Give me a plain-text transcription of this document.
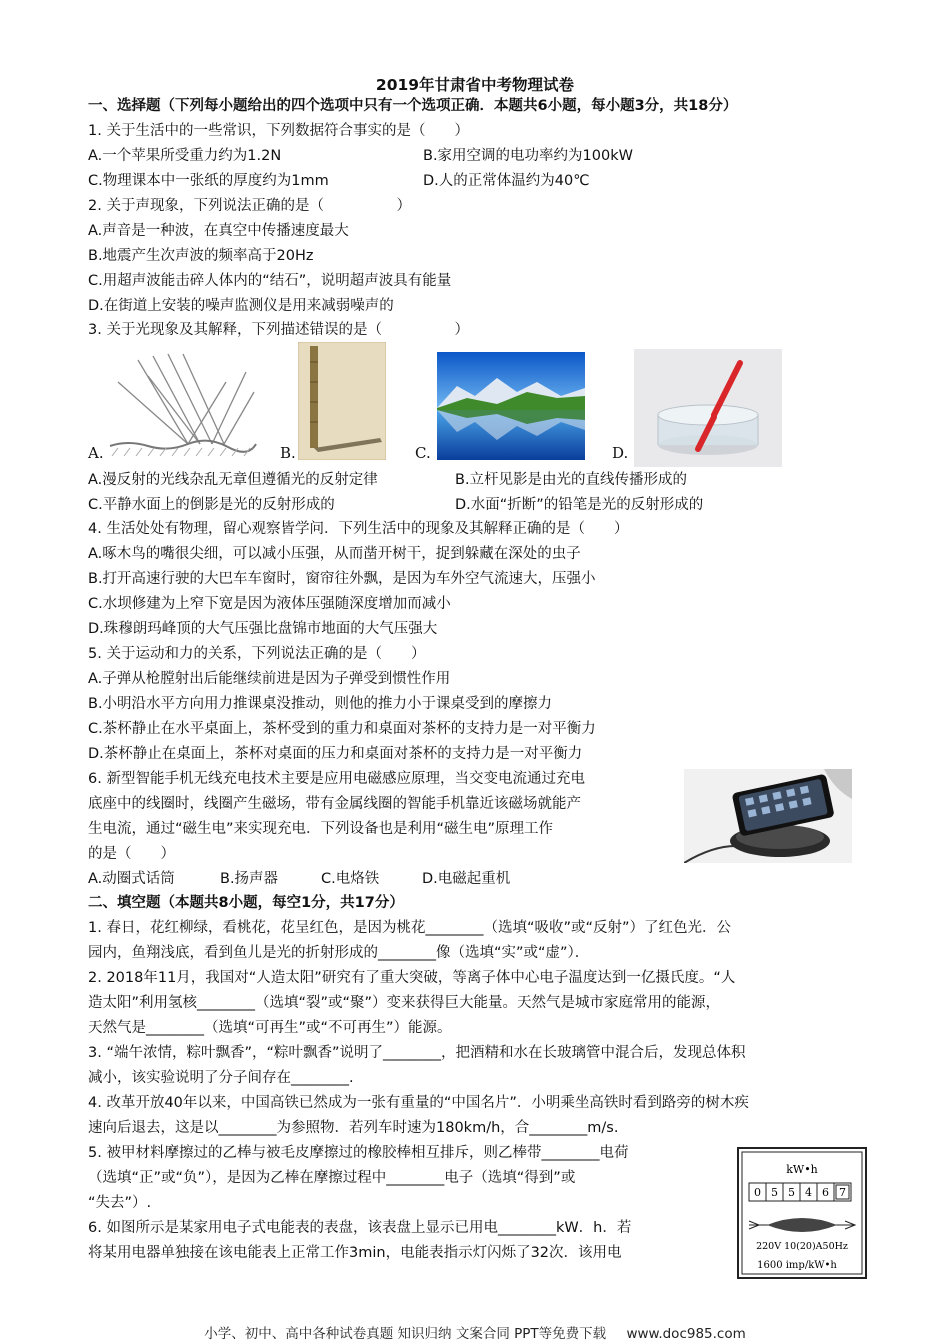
2019年甘肃省中考物理试卷
一、选择题（下列每小题给出的四个选项中只有一个选项正确．本题共6小题，每小题3分，共18分）
1. 关于生活中的一些常识，下列数据符合事实的是（　　）
A.一个苹果所受重力约为1.2N	B.家用空调的电功率约为100kW
C.物理课本中一张纸的厚度约为1mm	D.人的正常体温约为40℃
2. 关于声现象，下列说法正确的是（　　　　　）
A.声音是一种波，在真空中传播速度最大
B.地震产生次声波的频率高于20Hz
C.用超声波能击碎人体内的“结石”，说明超声波具有能量
D.在街道上安装的噪声监测仪是用来减弱噪声的
3. 关于光现象及其解释，下列描述错误的是（　　　　　）
A.	B.	C.	D.
A.漫反射的光线杂乱无章但遵循光的反射定律	B.立杆见影是由光的直线传播形成的
C.平静水面上的倒影是光的反射形成的	D.水面“折断”的铅笔是光的反射形成的
4. 生活处处有物理，留心观察皆学问．下列生活中的现象及其解释正确的是（　　）
A.啄木鸟的嘴很尖细，可以减小压强，从而凿开树干，捉到躲藏在深处的虫子
B.打开高速行驶的大巴车车窗时，窗帘往外飘，是因为车外空气流速大，压强小
C.水坝修建为上窄下宽是因为液体压强随深度增加而减小
D.珠穆朗玛峰顶的大气压强比盘锦市地面的大气压强大
5. 关于运动和力的关系，下列说法正确的是（　　）
A.子弹从枪膛射出后能继续前进是因为子弹受到惯性作用
B.小明沿水平方向用力推课桌没推动，则他的推力小于课桌受到的摩擦力
C.茶杯静止在水平桌面上，茶杯受到的重力和桌面对茶杯的支持力是一对平衡力
D.茶杯静止在桌面上，茶杯对桌面的压力和桌面对茶杯的支持力是一对平衡力
6. 新型智能手机无线充电技术主要是应用电磁感应原理，当交变电流通过充电
底座中的线圈时，线圈产生磁场，带有金属线圈的智能手机靠近该磁场就能产
生电流，通过“磁生电”来实现充电．下列设备也是利用“磁生电”原理工作
的是（　　）
A.动圈式话筒	B.扬声器	C.电烙铁	D.电磁起重机
二、填空题（本题共8小题，每空1分，共17分）
1. 春日，花红柳绿，看桃花，花呈红色，是因为桃花________（选填“吸收”或“反射”）了红色光．公
园内，鱼翔浅底，看到鱼儿是光的折射形成的________像（选填“实”或“虚”）．
2. 2018年11月，我国对“人造太阳”研究有了重大突破，等离子体中心电子温度达到一亿摄氏度。“人
造太阳”利用氢核________（选填“裂”或“聚”）变来获得巨大能量。天然气是城市家庭常用的能源，
天然气是________（选填“可再生”或“不可再生”）能源。
3. “端午浓情，粽叶飘香”，“粽叶飘香”说明了________，把酒精和水在长玻璃管中混合后，发现总体积
减小，该实验说明了分子间存在________.
4. 改革开放40年以来，中国高铁已然成为一张有重量的“中国名片”．小明乘坐高铁时看到路旁的树木疾
速向后退去，这是以________为参照物．若列车时速为180km/h，合________m/s.
5. 被甲材料摩擦过的乙棒与被毛皮摩擦过的橡胶棒相互排斥，则乙棒带________电荷
（选填“正”或“负”），是因为乙棒在摩擦过程中________电子（选填“得到”或
“失去”）.
6. 如图所示是某家用电子式电能表的表盘，该表盘上显示已用电________kW．h．若
将某用电器单独接在该电能表上正常工作3min，电能表指示灯闪烁了32次．该用电
kW•h
0 5 5 4 6 7
220V 10(20)A50Hz
1600 imp/kW•h
小学、初中、高中各种试卷真题 知识归纳 文案合同 PPT等免费下载 www.doc985.com
